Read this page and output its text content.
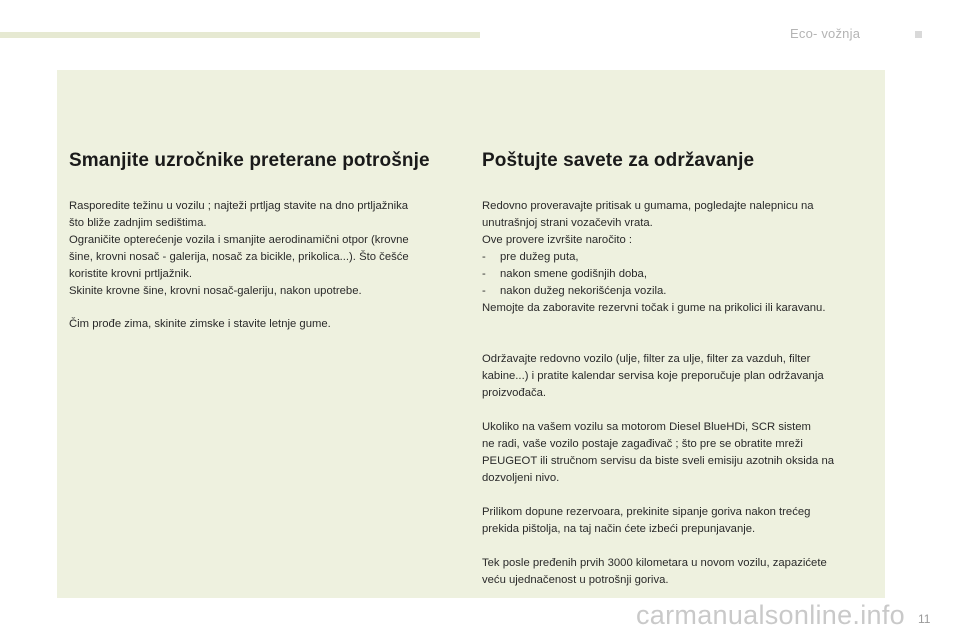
Eco- vožnja
Smanjite uzročnike preterane potrošnje

Rasporedite težinu u vozilu ; najteži prtljag stavite na dno prtljažnika
što bliže zadnjim sedištima.
Ograničite opterećenje vozila i smanjite aerodinamični otpor (krovne
šine, krovni nosač - galerija, nosač za bicikle, prikolica...). Što češće
koristite krovni prtljažnik.
Skinite krovne šine, krovni nosač-galeriju, nakon upotrebe.

Čim prođe zima, skinite zimske i stavite letnje gume.

Poštujte savete za održavanje

Redovno proveravajte pritisak u gumama, pogledajte nalepnicu na
unutrašnjoj strani vozačevih vrata.
Ove provere izvršite naročito :
- pre dužeg puta,
- nakon smene godišnjih doba,
- nakon dužeg nekorišćenja vozila.
Nemojte da zaboravite rezervni točak i gume na prikolici ili karavanu.

Održavajte redovno vozilo (ulje, filter za ulje, filter za vazduh, filter
kabine...) i pratite kalendar servisa koje preporučuje plan održavanja
proizvođača.

Ukoliko na vašem vozilu sa motorom Diesel BlueHDi, SCR sistem
ne radi, vaše vozilo postaje zagađivač ; što pre se obratite mreži
PEUGEOT ili stručnom servisu da biste sveli emisiju azotnih oksida na
dozvoljeni nivo.

Prilikom dopune rezervoara, prekinite sipanje goriva nakon trećeg
prekida pištolja, na taj način ćete izbeći prepunjavanje.

Tek posle pređenih prvih 3000 kilometara u novom vozilu, zapazićete
veću ujednačenost u potrošnji goriva.

11
carmanualsonline.info
